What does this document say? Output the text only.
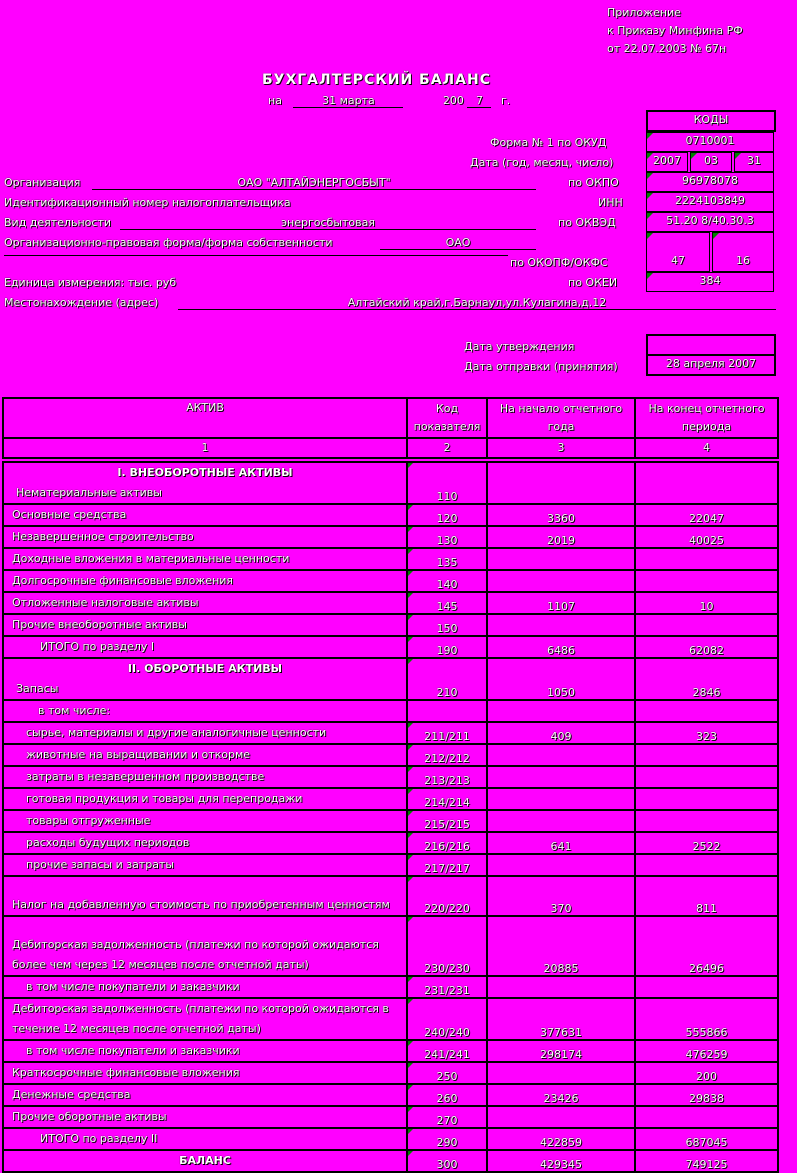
Приложение
к Приказу Минфина РФ
от 22.07.2003 № 67н
БУХГАЛТЕРСКИЙ БАЛАНС
на	31 марта	200 7 г.
КОДЫ
Форма № 1 по ОКУД	0710001
Дата (год, месяц, число)	2007	03	31
Организация	ОАО "АЛТАЙЭНЕРГОСБЫТ"	по ОКПО	96978078
Идентификационный номер налогоплательщика	ИНН	2224103849
Вид деятельности	энергосбытовая	по ОКВЭД	51.20 8/40.30.3
Организационно-правовая форма/форма собственности	ОАО
по ОКОПФ/ОКФС	47	16
Единица измерения: тыс. руб	по ОКЕИ	384
Местонахождение (адрес)	Алтайский край,г.Барнаул,ул.Кулагина,д.12
Дата утверждения
Дата отправки (принятия)	28 апреля 2007
АКТИВ	Код показателя	На начало отчетного года	На конец отчетного периода
1	2	3	4

I. ВНЕОБОРОТНЫЕ АКТИВЫ
Нематериальные активы	110		
Основные средства	120	3360	22047
Незавершенное строительство	130	2019	40025
Доходные вложения в материальные ценности	135		
Долгосрочные финансовые вложения	140		
Отложенные налоговые активы	145	1107	10
Прочие внеоборотные активы	150		
ИТОГО по разделу I	190	6486	62082

II. ОБОРОТНЫЕ АКТИВЫ
Запасы	210	1050	2846
в том числе:			
сырье, материалы и другие аналогичные ценности	211/211	409	323
животные на выращивании и откорме	212/212		
затраты в незавершенном производстве	213/213		
готовая продукция и товары для перепродажи	214/214		
товары отгруженные	215/215		
расходы будущих периодов	216/216	641	2522
прочие запасы и затраты	217/217		
Налог на добавленную стоимость по приобретенным ценностям	220/220	370	811
Дебиторская задолженность (платежи по которой ожидаются более чем через 12 месяцев после отчетной даты)	230/230	20885	26496
в том числе покупатели и заказчики	231/231		
Дебиторская задолженность (платежи по которой ожидаются в течение 12 месяцев после отчетной даты)	240/240	377631	555866
в том числе покупатели и заказчики	241/241	298174	476259
Краткосрочные финансовые вложения	250		200
Денежные средства	260	23426	29838
Прочие оборотные активы	270		
ИТОГО по разделу II	290	422859	687045
БАЛАНС	300	429345	749125
